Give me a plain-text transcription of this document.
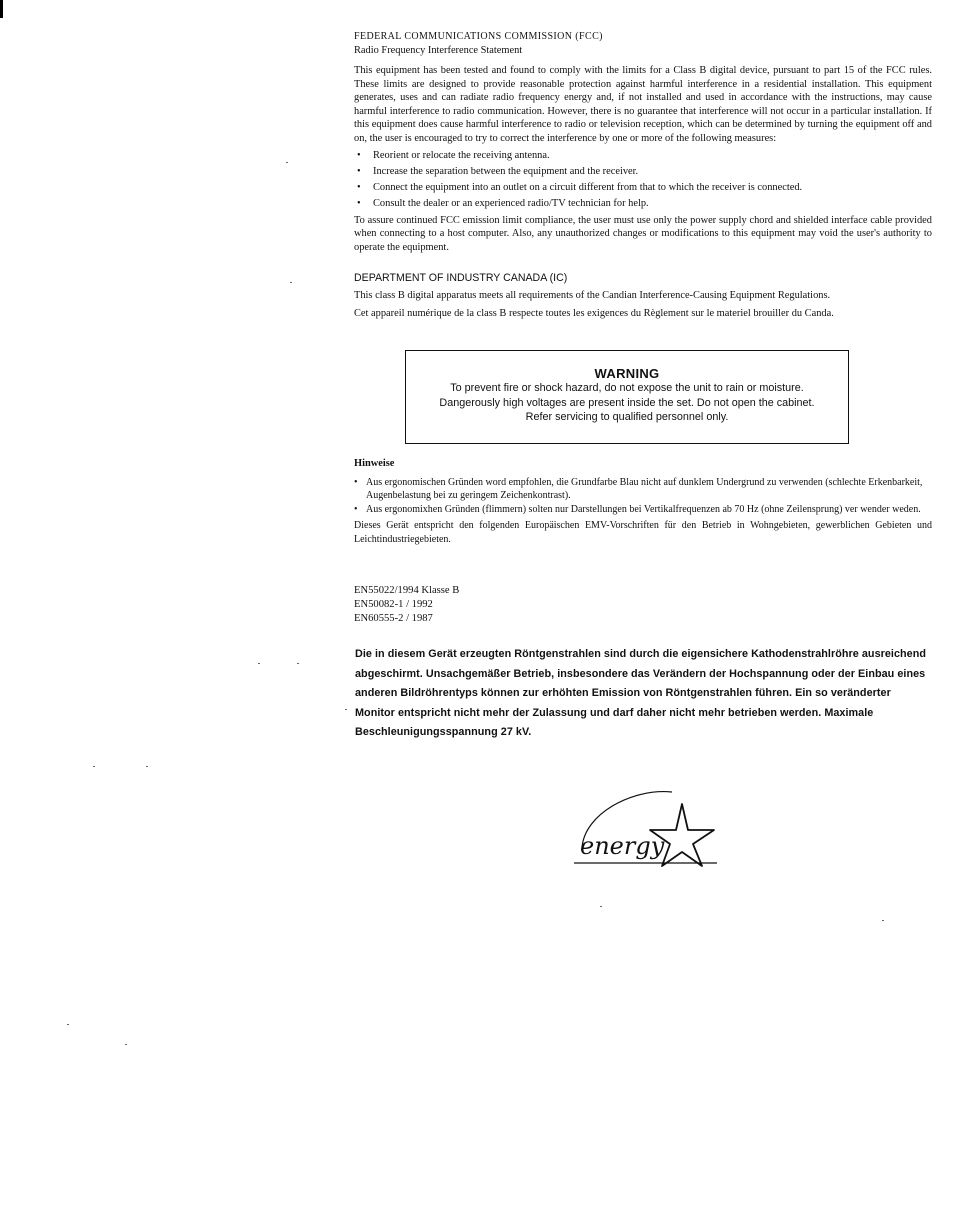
FEDERAL COMMUNICATIONS COMMISSION (FCC)

Radio Frequency Interference Statement

This equipment has been tested and found to comply with the limits for a Class B digital device, pursuant to part 15 of the FCC rules. These limits are designed to provide reasonable protection against harmful interference in a residential installation. This equipment generates, uses and can radiate radio frequency energy and, if not installed and used in accordance with the instructions, may cause harmful interference to radio communication. However, there is no guarantee that interference will not occur in a particular installation. If this equipment does cause harmful interference to radio or television reception, which can be determined by turning the equipment off and on, the user is encouraged to try to correct the interference by one or more of the following measures:

• Reorient or relocate the receiving antenna.
• Increase the separation between the equipment and the receiver.
• Connect the equipment into an outlet on a circuit different from that to which the receiver is connected.
• Consult the dealer or an experienced radio/TV technician for help.

To assure continued FCC emission limit compliance, the user must use only the power supply chord and shielded interface cable provided when connecting to a host computer. Also, any unauthorized changes or modifications to this equipment may void the user's authority to operate the equipment.

DEPARTMENT OF INDUSTRY CANADA (IC)

This class B digital apparatus meets all requirements of the Candian Interference-Causing Equipment Regulations.

Cet appareil numérique de la class B respecte toutes les exigences du Règlement sur le materiel brouiller du Canda.

WARNING
To prevent fire or shock hazard, do not expose the unit to rain or moisture.
Dangerously high voltages are present inside the set. Do not open the cabinet.
Refer servicing to qualified personnel only.

Hinweise

• Aus ergonomischen Gründen word empfohlen, die Grundfarbe Blau nicht auf dunklem Undergrund zu verwenden (schlechte Erkenbarkeit, Augenbelastung bei zu geringem Zeichenkontrast).
• Aus ergonomixhen Gründen (flimmern) solten nur Darstellungen bei Vertikalfrequenzen ab 70 Hz (ohne Zeilensprung) ver wender weden.

Dieses Gerät entspricht den folgenden Europäischen EMV-Vorschriften für den Betrieb in Wohngebieten, gewerblichen Gebieten und Leichtindustriegebieten.

EN55022/1994 Klasse B
EN50082-1 / 1992
EN60555-2 / 1987

Die in diesem Gerät erzeugten Röntgenstrahlen sind durch die eigensichere Kathodenstrahlröhre ausreichend abgeschirmt. Unsachgemäßer Betrieb, insbesondere das Verändern der Hochspannung oder der Einbau eines anderen Bildröhrentyps können zur erhöhten Emission von Röntgenstrahlen führen. Ein so veränderter Monitor entspricht nicht mehr der Zulassung und darf daher nicht mehr betrieben werden. Maximale Beschleunigungsspannung 27 kV.

energy
